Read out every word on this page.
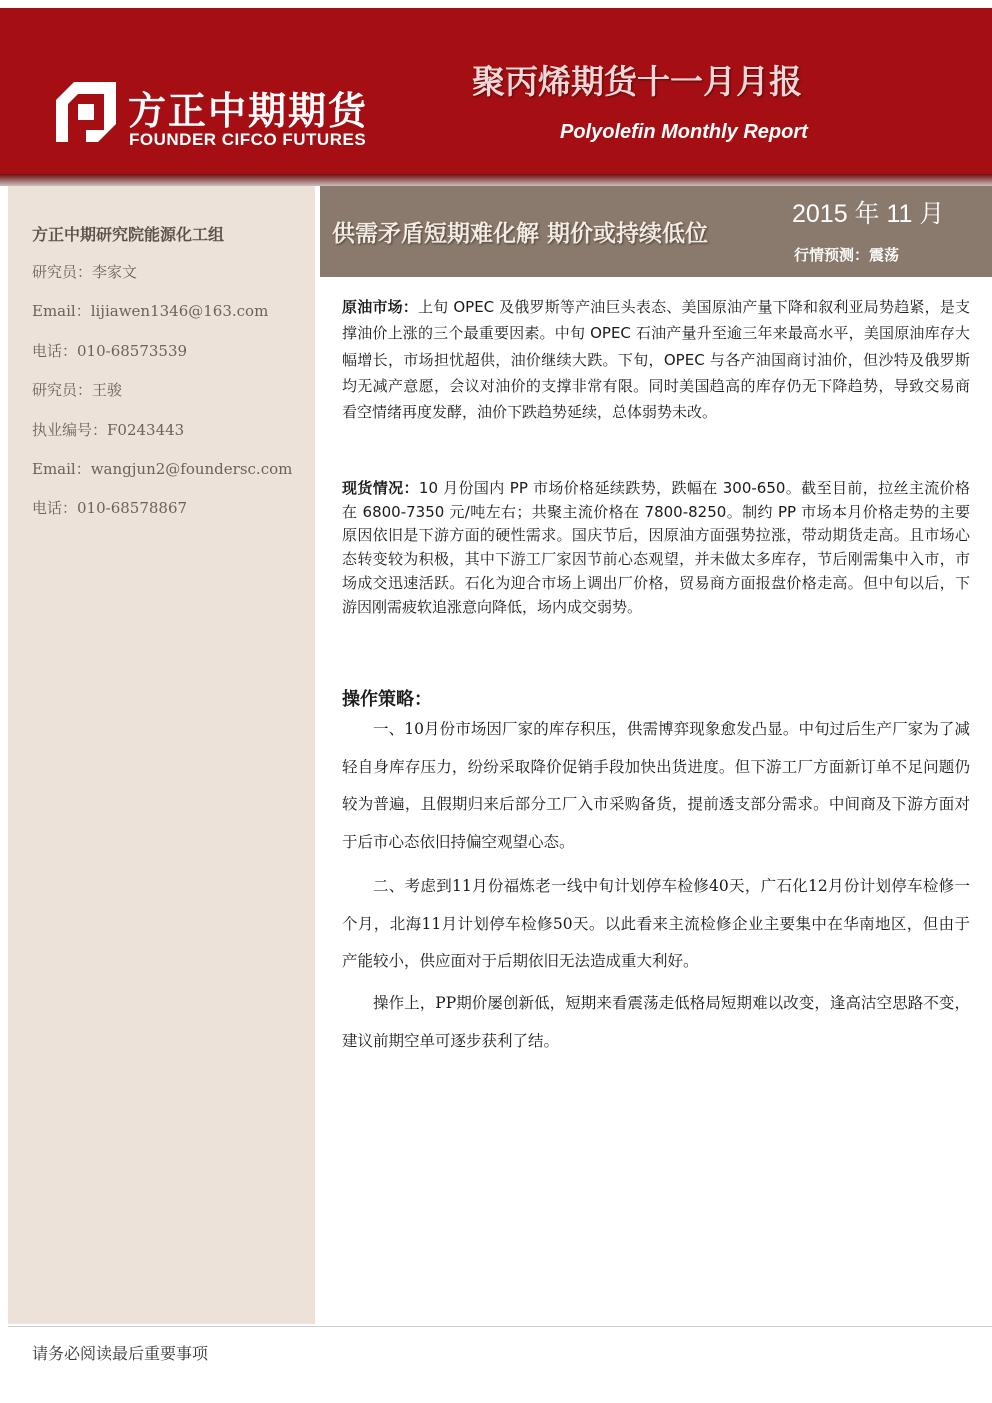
方正中期期货
FOUNDER CIFCO FUTURES
聚丙烯期货十一月月报
Polyolefin Monthly Report
方正中期研究院能源化工组
研究员：李家文
Email：lijiawen1346@163.com
电话：010-68573539
研究员：王骏
执业编号：F0243443
Email：wangjun2@foundersc.com
电话：010-68578867
供需矛盾短期难化解 期价或持续低位
2015 年 11 月
行情预测：震荡

原油市场：上旬 OPEC 及俄罗斯等产油巨头表态、美国原油产量下降和叙利亚局势趋紧，是支撑油价上涨的三个最重要因素。中旬 OPEC 石油产量升至逾三年来最高水平，美国原油库存大幅增长，市场担忧超供，油价继续大跌。下旬，OPEC 与各产油国商讨油价，但沙特及俄罗斯均无减产意愿，会议对油价的支撑非常有限。同时美国趋高的库存仍无下降趋势，导致交易商看空情绪再度发酵，油价下跌趋势延续，总体弱势未改。

现货情况：10 月份国内 PP 市场价格延续跌势，跌幅在 300-650。截至目前，拉丝主流价格在 6800-7350 元/吨左右；共聚主流价格在 7800-8250。制约 PP 市场本月价格走势的主要原因依旧是下游方面的硬性需求。国庆节后，因原油方面强势拉涨，带动期货走高。且市场心态转变较为积极，其中下游工厂家因节前心态观望，并未做太多库存，节后刚需集中入市，市场成交迅速活跃。石化为迎合市场上调出厂价格，贸易商方面报盘价格走高。但中旬以后，下游因刚需疲软追涨意向降低，场内成交弱势。

操作策略：

一、10月份市场因厂家的库存积压，供需博弈现象愈发凸显。中旬过后生产厂家为了减轻自身库存压力，纷纷采取降价促销手段加快出货进度。但下游工厂方面新订单不足问题仍较为普遍，且假期归来后部分工厂入市采购备货，提前透支部分需求。中间商及下游方面对于后市心态依旧持偏空观望心态。

二、考虑到11月份福炼老一线中旬计划停车检修40天，广石化12月份计划停车检修一个月，北海11月计划停车检修50天。以此看来主流检修企业主要集中在华南地区，但由于产能较小，供应面对于后期依旧无法造成重大利好。

操作上，PP期价屡创新低，短期来看震荡走低格局短期难以改变，逢高沽空思路不变，建议前期空单可逐步获利了结。

请务必阅读最后重要事项
